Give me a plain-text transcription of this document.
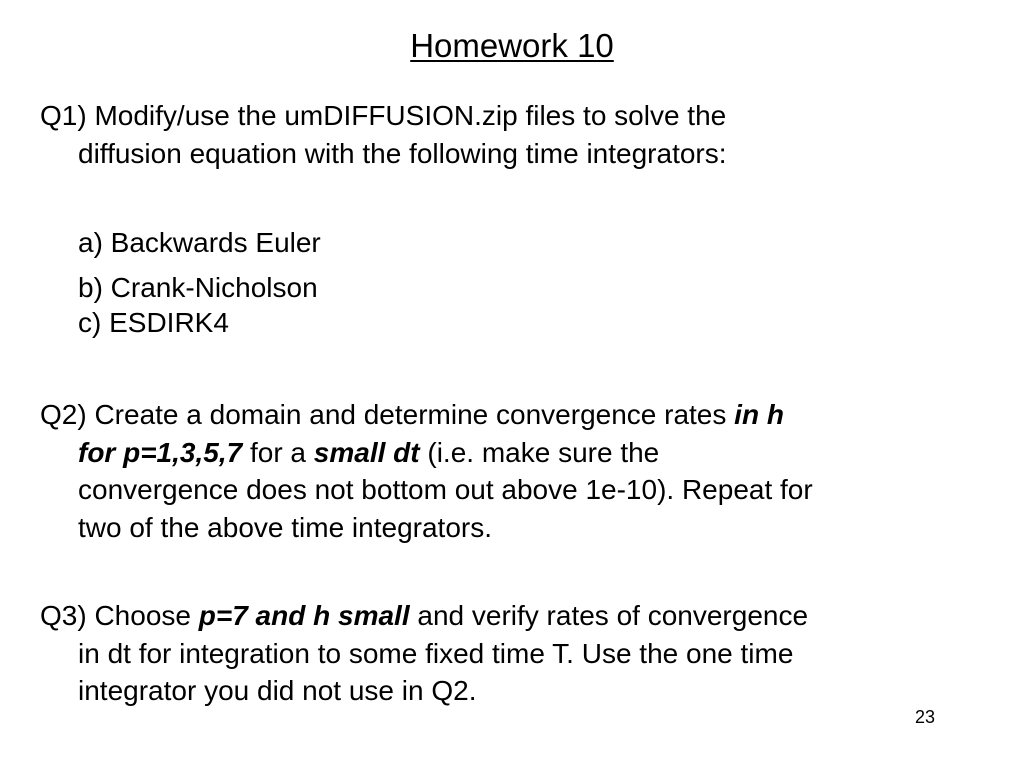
Homework 10
Q1) Modify/use the umDIFFUSION.zip files to solve the
diffusion equation with the following time integrators:
a) Backwards Euler
b) Crank-Nicholson
c) ESDIRK4
Q2) Create a domain and determine convergence rates in h
for p=1,3,5,7 for a small dt (i.e. make sure the
convergence does not bottom out above 1e-10). Repeat for
two of the above time integrators.
Q3) Choose p=7 and h small and verify rates of convergence
in dt for integration to some fixed time T. Use the one time
integrator you did not use in Q2.
23
